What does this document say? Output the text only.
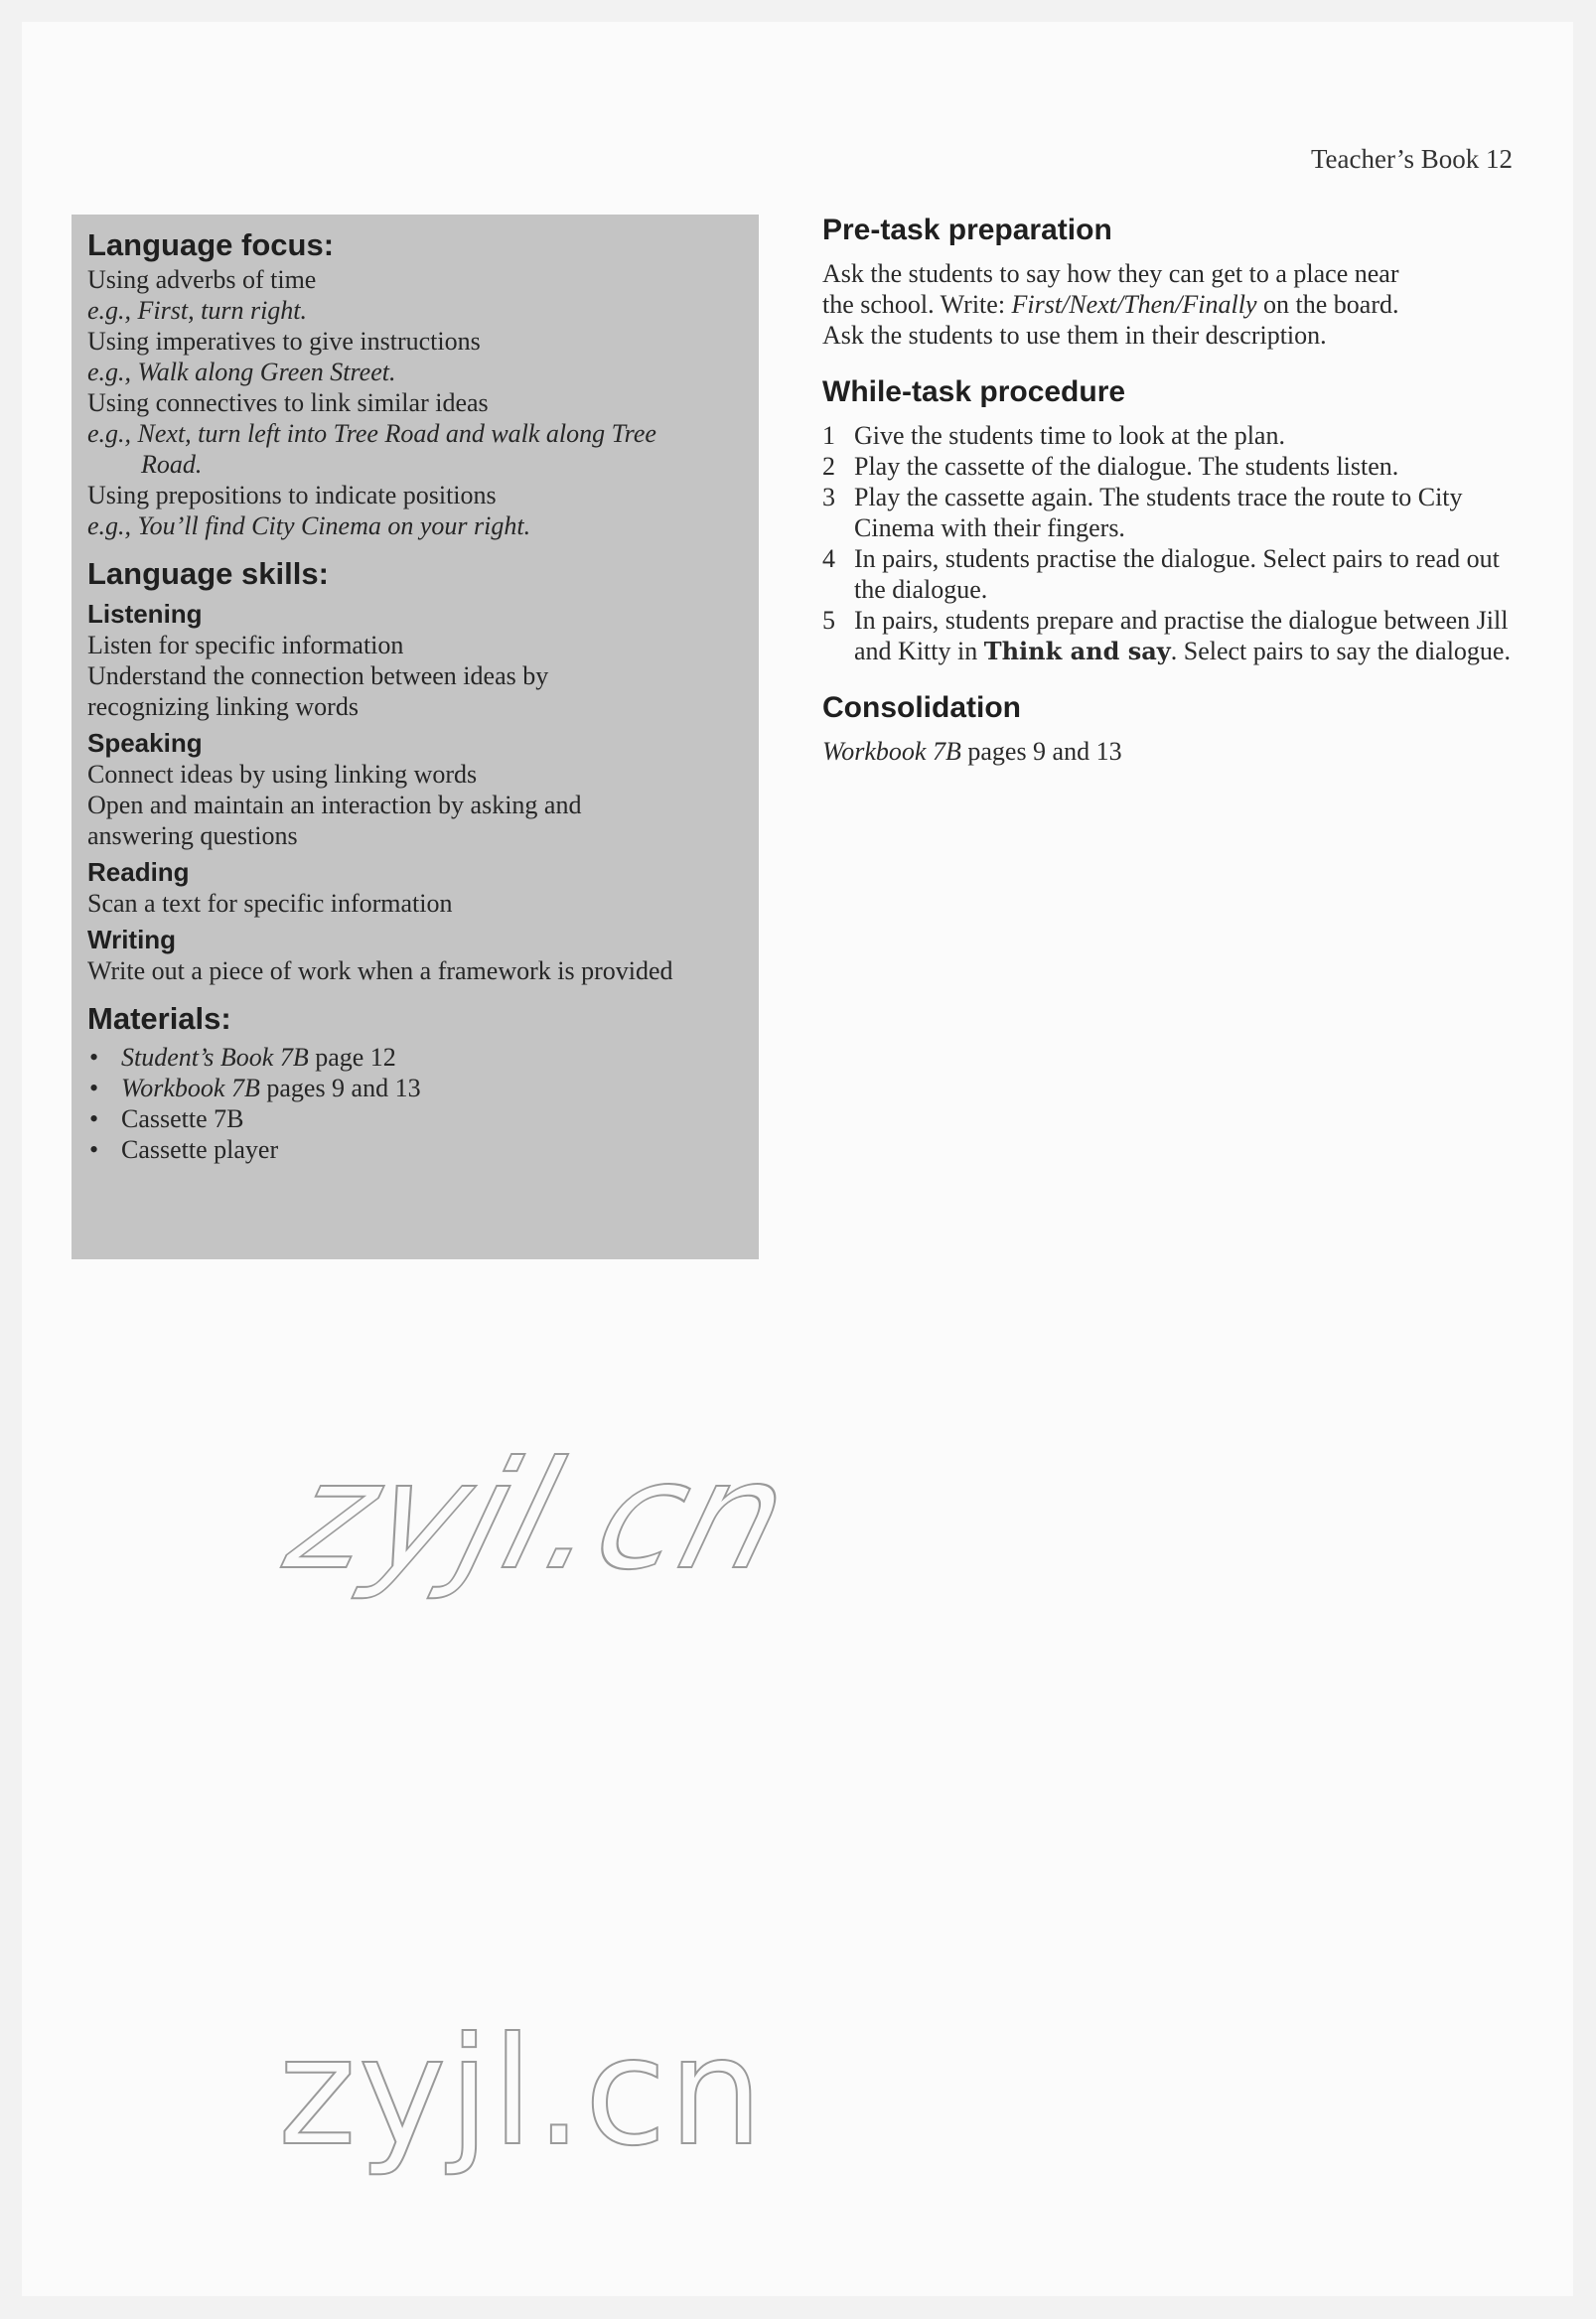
Teacher’s Book 12
Language focus:
Using adverbs of time
e.g., First, turn right.
Using imperatives to give instructions
e.g., Walk along Green Street.
Using connectives to link similar ideas
e.g., Next, turn left into Tree Road and walk along Tree
Road.
Using prepositions to indicate positions
e.g., You’ll find City Cinema on your right.
Language skills:
Listening
Listen for specific information
Understand the connection between ideas by
recognizing linking words
Speaking
Connect ideas by using linking words
Open and maintain an interaction by asking and
answering questions
Reading
Scan a text for specific information
Writing
Write out a piece of work when a framework is provided
Materials:
• Student’s Book 7B page 12
• Workbook 7B pages 9 and 13
• Cassette 7B
• Cassette player
Pre-task preparation
Ask the students to say how they can get to a place near
the school. Write: First/Next/Then/Finally on the board.
Ask the students to use them in their description.
While-task procedure
1 Give the students time to look at the plan.
2 Play the cassette of the dialogue. The students listen.
3 Play the cassette again. The students trace the route to City Cinema with their fingers.
4 In pairs, students practise the dialogue. Select pairs to read out the dialogue.
5 In pairs, students prepare and practise the dialogue between Jill and Kitty in Think and say. Select pairs to say the dialogue.
Consolidation
Workbook 7B pages 9 and 13
zyjl.cn
zyjl.cn
